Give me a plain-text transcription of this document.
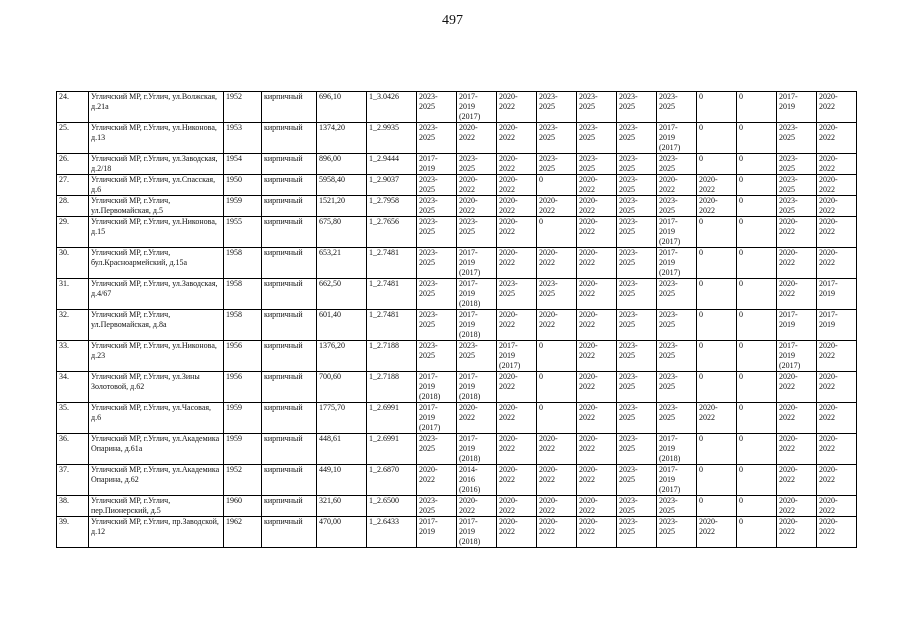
497
24.	Угличский МР, г.Углич, ул.Волжская, д.21а	1952	кирпичный	696,10	1_3.0426	2023-
2025	2017-
2019
(2017)	2020-
2022	2023-
2025	2023-
2025	2023-
2025	2023-
2025	0	0	2017-
2019	2020-
2022
25.	Угличский МР, г.Углич, ул.Никонова, д.13	1953	кирпичный	1374,20	1_2.9935	2023-
2025	2020-
2022	2020-
2022	2023-
2025	2023-
2025	2023-
2025	2017-
2019
(2017)	0	0	2023-
2025	2020-
2022
26.	Угличский МР, г.Углич, ул.Заводская, д.2/18	1954	кирпичный	896,00	1_2.9444	2017-
2019	2023-
2025	2020-
2022	2023-
2025	2023-
2025	2023-
2025	2023-
2025	0	0	2023-
2025	2020-
2022
27.	Угличский МР, г.Углич, ул.Спасская, д.6	1950	кирпичный	5958,40	1_2.9037	2023-
2025	2020-
2022	2020-
2022	0	2020-
2022	2023-
2025	2020-
2022	2020-
2022	0	2023-
2025	2020-
2022
28.	Угличский МР, г.Углич, ул.Первомайская, д.5	1959	кирпичный	1521,20	1_2.7958	2023-
2025	2020-
2022	2020-
2022	2020-
2022	2020-
2022	2023-
2025	2023-
2025	2020-
2022	0	2023-
2025	2020-
2022
29.	Угличский МР, г.Углич, ул.Никонова, д.15	1955	кирпичный	675,80	1_2.7656	2023-
2025	2023-
2025	2020-
2022	0	2020-
2022	2023-
2025	2017-
2019
(2017)	0	0	2020-
2022	2020-
2022
30.	Угличский МР, г.Углич, бул.Красноармейский, д.15а	1958	кирпичный	653,21	1_2.7481	2023-
2025	2017-
2019
(2017)	2020-
2022	2020-
2022	2020-
2022	2023-
2025	2017-
2019
(2017)	0	0	2020-
2022	2020-
2022
31.	Угличский МР, г.Углич, ул.Заводская, д.4/67	1958	кирпичный	662,50	1_2.7481	2023-
2025	2017-
2019
(2018)	2023-
2025	2023-
2025	2020-
2022	2023-
2025	2023-
2025	0	0	2020-
2022	2017-
2019
32.	Угличский МР, г.Углич, ул.Первомайская, д.8а	1958	кирпичный	601,40	1_2.7481	2023-
2025	2017-
2019
(2018)	2020-
2022	2020-
2022	2020-
2022	2023-
2025	2023-
2025	0	0	2017-
2019	2017-
2019
33.	Угличский МР, г.Углич, ул.Никонова, д.23	1956	кирпичный	1376,20	1_2.7188	2023-
2025	2023-
2025	2017-
2019
(2017)	0	2020-
2022	2023-
2025	2023-
2025	0	0	2017-
2019
(2017)	2020-
2022
34.	Угличский МР, г.Углич, ул.Зины Золотовой, д.62	1956	кирпичный	700,60	1_2.7188	2017-
2019
(2018)	2017-
2019
(2018)	2020-
2022	0	2020-
2022	2023-
2025	2023-
2025	0	0	2020-
2022	2020-
2022
35.	Угличский МР, г.Углич, ул.Часовая, д.6	1959	кирпичный	1775,70	1_2.6991	2017-
2019
(2017)	2020-
2022	2020-
2022	0	2020-
2022	2023-
2025	2023-
2025	2020-
2022	0	2020-
2022	2020-
2022
36.	Угличский МР, г.Углич, ул.Академика Опарина, д.61а	1959	кирпичный	448,61	1_2.6991	2023-
2025	2017-
2019
(2018)	2020-
2022	2020-
2022	2020-
2022	2023-
2025	2017-
2019
(2018)	0	0	2020-
2022	2020-
2022
37.	Угличский МР, г.Углич, ул.Академика Опарина, д.62	1952	кирпичный	449,10	1_2.6870	2020-
2022	2014-
2016
(2016)	2020-
2022	2020-
2022	2020-
2022	2023-
2025	2017-
2019
(2017)	0	0	2020-
2022	2020-
2022
38.	Угличский МР, г.Углич, пер.Пионерский, д.5	1960	кирпичный	321,60	1_2.6500	2023-
2025	2020-
2022	2020-
2022	2020-
2022	2020-
2022	2023-
2025	2023-
2025	0	0	2020-
2022	2020-
2022
39.	Угличский МР, г.Углич, пр.Заводской, д.12	1962	кирпичный	470,00	1_2.6433	2017-
2019	2017-
2019
(2018)	2020-
2022	2020-
2022	2020-
2022	2023-
2025	2023-
2025	2020-
2022	0	2020-
2022	2020-
2022
